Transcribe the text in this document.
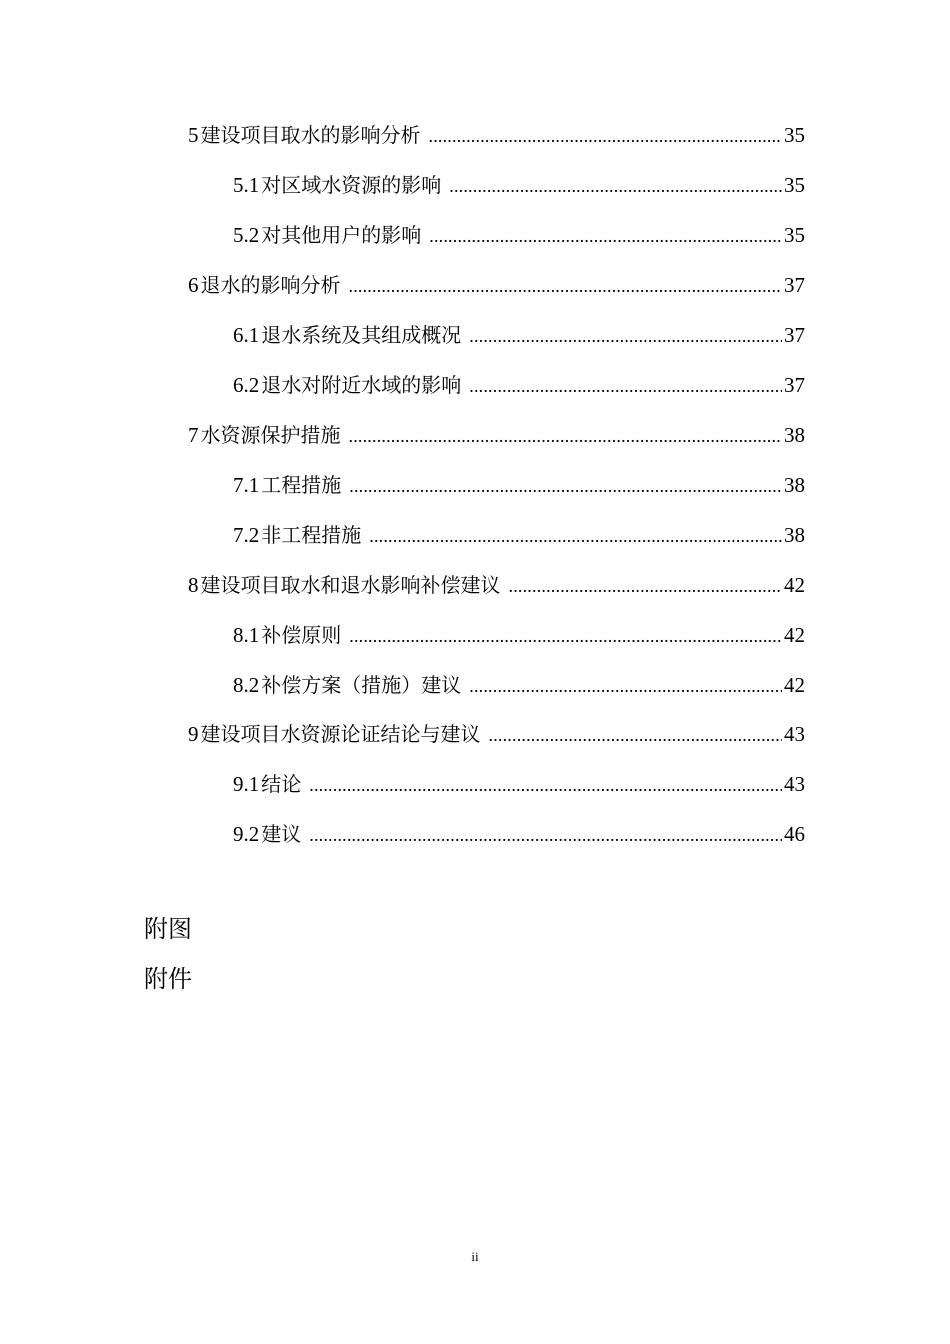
5 建设项目取水的影响分析 .....	35
5.1 对区域水资源的影响 .....	35
5.2 对其他用户的影响 .....	35
6 退水的影响分析 .....	37
6.1 退水系统及其组成概况 .....	37
6.2 退水对附近水域的影响 .....	37
7 水资源保护措施 .....	38
7.1 工程措施 .....	38
7.2 非工程措施 .....	38
8 建设项目取水和退水影响补偿建议 .....	42
8.1 补偿原则 .....	42
8.2 补偿方案（措施）建议 .....	42
9 建设项目水资源论证结论与建议 .....	43
9.1 结论 .....	43
9.2 建议 .....	46
附图
附件
ii
